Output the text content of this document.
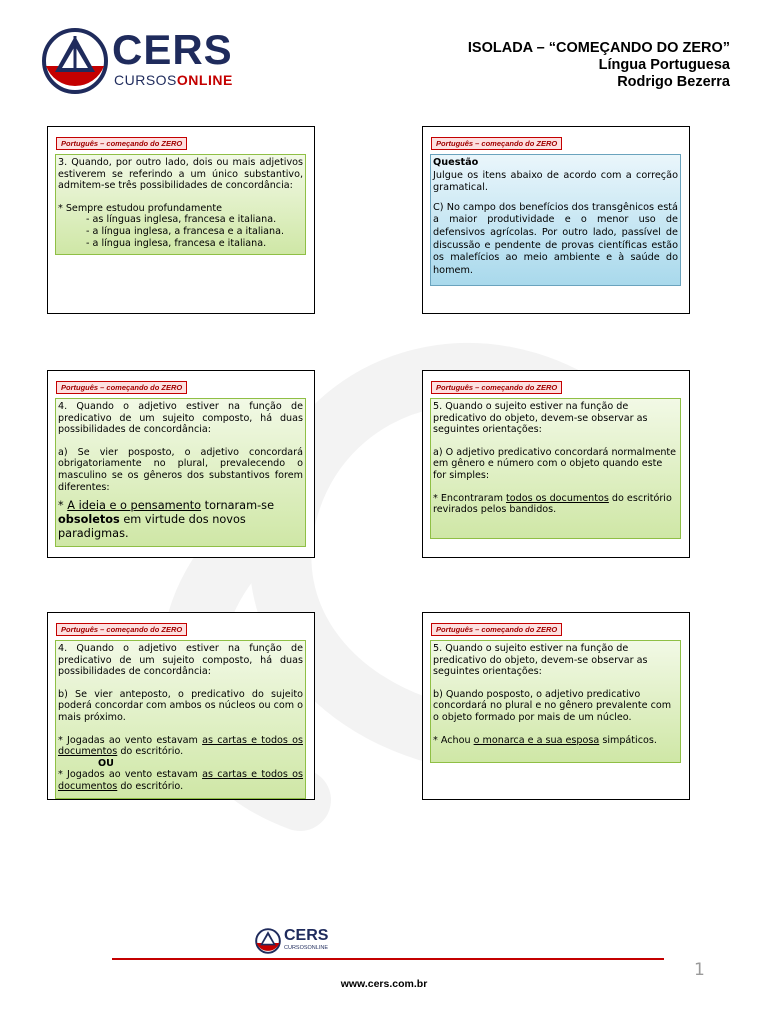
CERS
CURSOSONLINE
ISOLADA – “COMEÇANDO DO ZERO”
Língua Portuguesa
Rodrigo Bezerra
Português – começando do ZERO

3. Quando, por outro lado, dois ou mais adjetivos estiverem se referindo a um único substantivo, admitem-se três possibilidades de concordância:

* Sempre estudou profundamente

- as línguas inglesa, francesa e italiana.

- a língua inglesa, a francesa e a italiana.

- a língua inglesa, francesa e italiana.

Português – começando do ZERO

Questão

Julgue os itens abaixo de acordo com a correção gramatical.

C) No campo dos benefícios dos transgênicos está a maior produtividade e o menor uso de defensivos agrícolas. Por outro lado, passível de discussão e pendente de provas científicas estão os malefícios ao meio ambiente e à saúde do homem.

Português – começando do ZERO

4. Quando o adjetivo estiver na função de predicativo de um sujeito composto, há duas possibilidades de concordância:

a) Se vier posposto, o adjetivo concordará obrigatoriamente no plural, prevalecendo o masculino se os gêneros dos substantivos forem diferentes:

* A ideia e o pensamento tornaram-se obsoletos em virtude dos novos paradigmas.

Português – começando do ZERO

5. Quando o sujeito estiver na função de predicativo do objeto, devem-se observar as seguintes orientações:

a) O adjetivo predicativo concordará normalmente em gênero e número com o objeto quando este for simples:

* Encontraram todos os documentos do escritório revirados pelos bandidos.

Português – começando do ZERO

4. Quando o adjetivo estiver na função de predicativo de um sujeito composto, há duas possibilidades de concordância:

b) Se vier anteposto, o predicativo do sujeito poderá concordar com ambos os núcleos ou com o mais próximo.

* Jogadas ao vento estavam as cartas e todos os documentos do escritório.

OU

* Jogados ao vento estavam as cartas e todos os documentos do escritório.

Português – começando do ZERO

5. Quando o sujeito estiver na função de predicativo do objeto, devem-se observar as seguintes orientações:

b) Quando posposto, o adjetivo predicativo concordará no plural e no gênero prevalente com o objeto formado por mais de um núcleo.

* Achou o monarca e a sua esposa simpáticos.

CERS
CURSOSONLINE
1
www.cers.com.br
